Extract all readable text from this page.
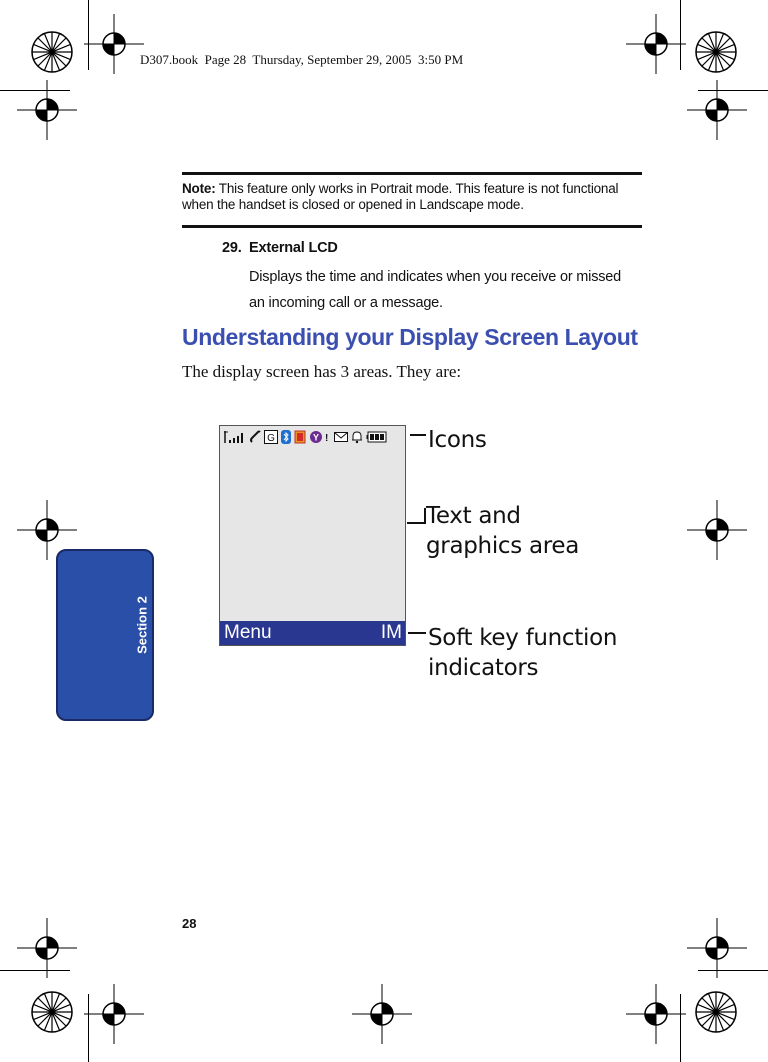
D307.book  Page 28  Thursday, September 29, 2005  3:50 PM
Note: This feature only works in Portrait mode. This feature is not functional when the handset is closed or opened in Landscape mode.
29. External LCD
Displays the time and indicates when you receive or missed an incoming call or a message.
Understanding your Display Screen Layout
The display screen has 3 areas. They are:
G	Y !
Menu	IM
Icons
Text and
graphics area
Soft key function
indicators
Section 2
28
